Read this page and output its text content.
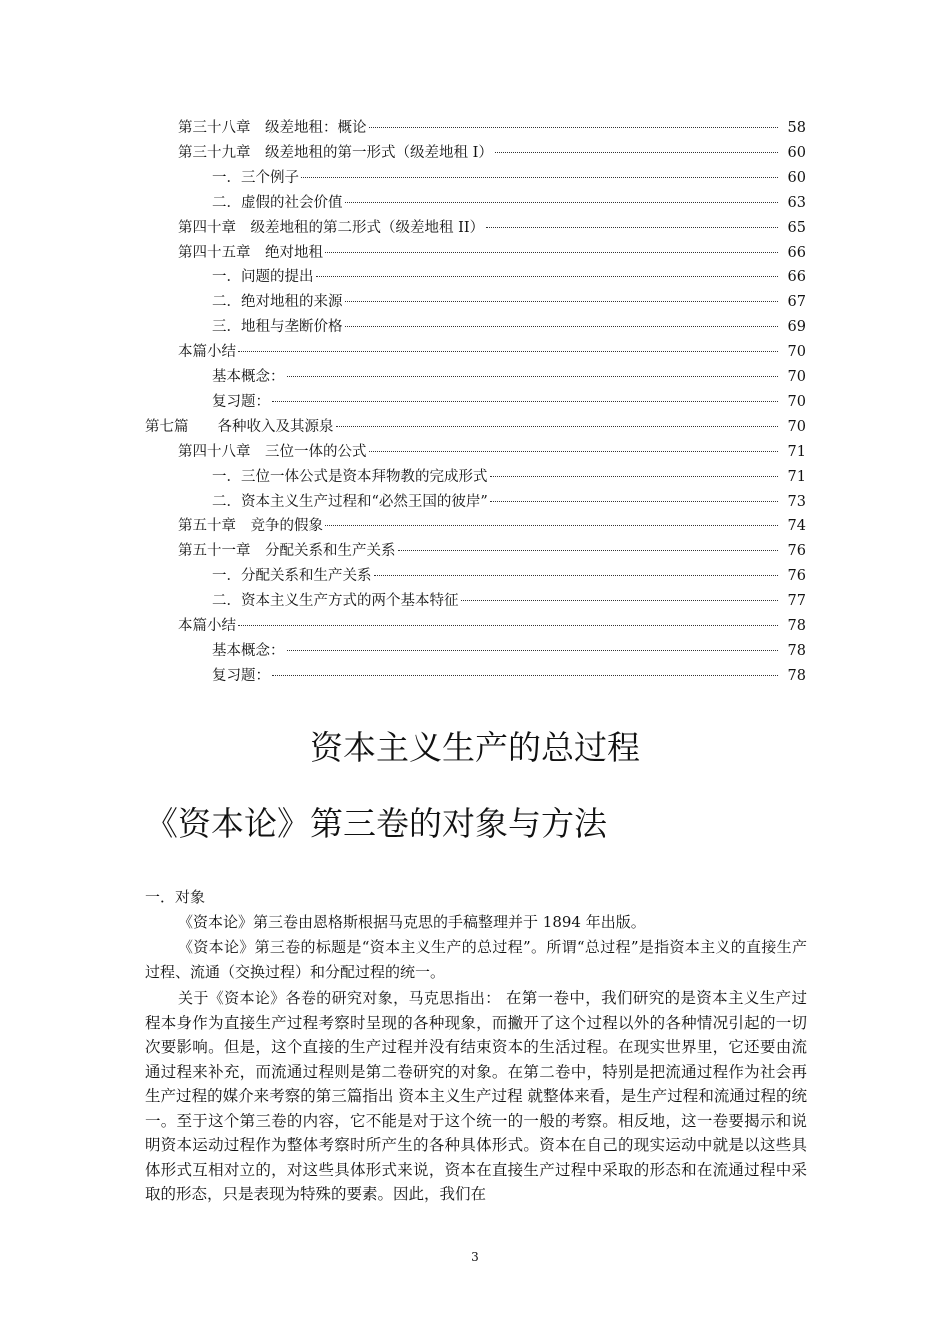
第三十八章　级差地租：概论	58
第三十九章　级差地租的第一形式（级差地租 I）	60
一．三个例子	60
二．虚假的社会价值	63
第四十章　级差地租的第二形式（级差地租 II）	65
第四十五章　绝对地租	66
一．问题的提出	66
二．绝对地租的来源	67
三．地租与垄断价格	69
本篇小结	70
基本概念：	70
复习题：	70
第七篇　　各种收入及其源泉	70
第四十八章　三位一体的公式	71
一．三位一体公式是资本拜物教的完成形式	71
二．资本主义生产过程和“必然王国的彼岸”	73
第五十章　竞争的假象	74
第五十一章　分配关系和生产关系	76
一．分配关系和生产关系	76
二．资本主义生产方式的两个基本特征	77
本篇小结	78
基本概念：	78
复习题：	78
资本主义生产的总过程
《资本论》第三卷的对象与方法
一．对象
《资本论》第三卷由恩格斯根据马克思的手稿整理并于 1894 年出版。
《资本论》第三卷的标题是“资本主义生产的总过程”。所谓“总过程”是指资本主义的直接生产过程、流通（交换过程）和分配过程的统一。
关于《资本论》各卷的研究对象，马克思指出： 在第一卷中，我们研究的是资本主义生产过程本身作为直接生产过程考察时呈现的各种现象，而撇开了这个过程以外的各种情况引起的一切次要影响。但是，这个直接的生产过程并没有结束资本的生活过程。在现实世界里，它还要由流通过程来补充，而流通过程则是第二卷研究的对象。在第二卷中，特别是把流通过程作为社会再生产过程的媒介来考察的第三篇指出 资本主义生产过程 就整体来看，是生产过程和流通过程的统一。至于这个第三卷的内容，它不能是对于这个统一的一般的考察。相反地，这一卷要揭示和说明资本运动过程作为整体考察时所产生的各种具体形式。资本在自己的现实运动中就是以这些具体形式互相对立的，对这些具体形式来说，资本在直接生产过程中采取的形态和在流通过程中采取的形态，只是表现为特殊的要素。因此，我们在
3
